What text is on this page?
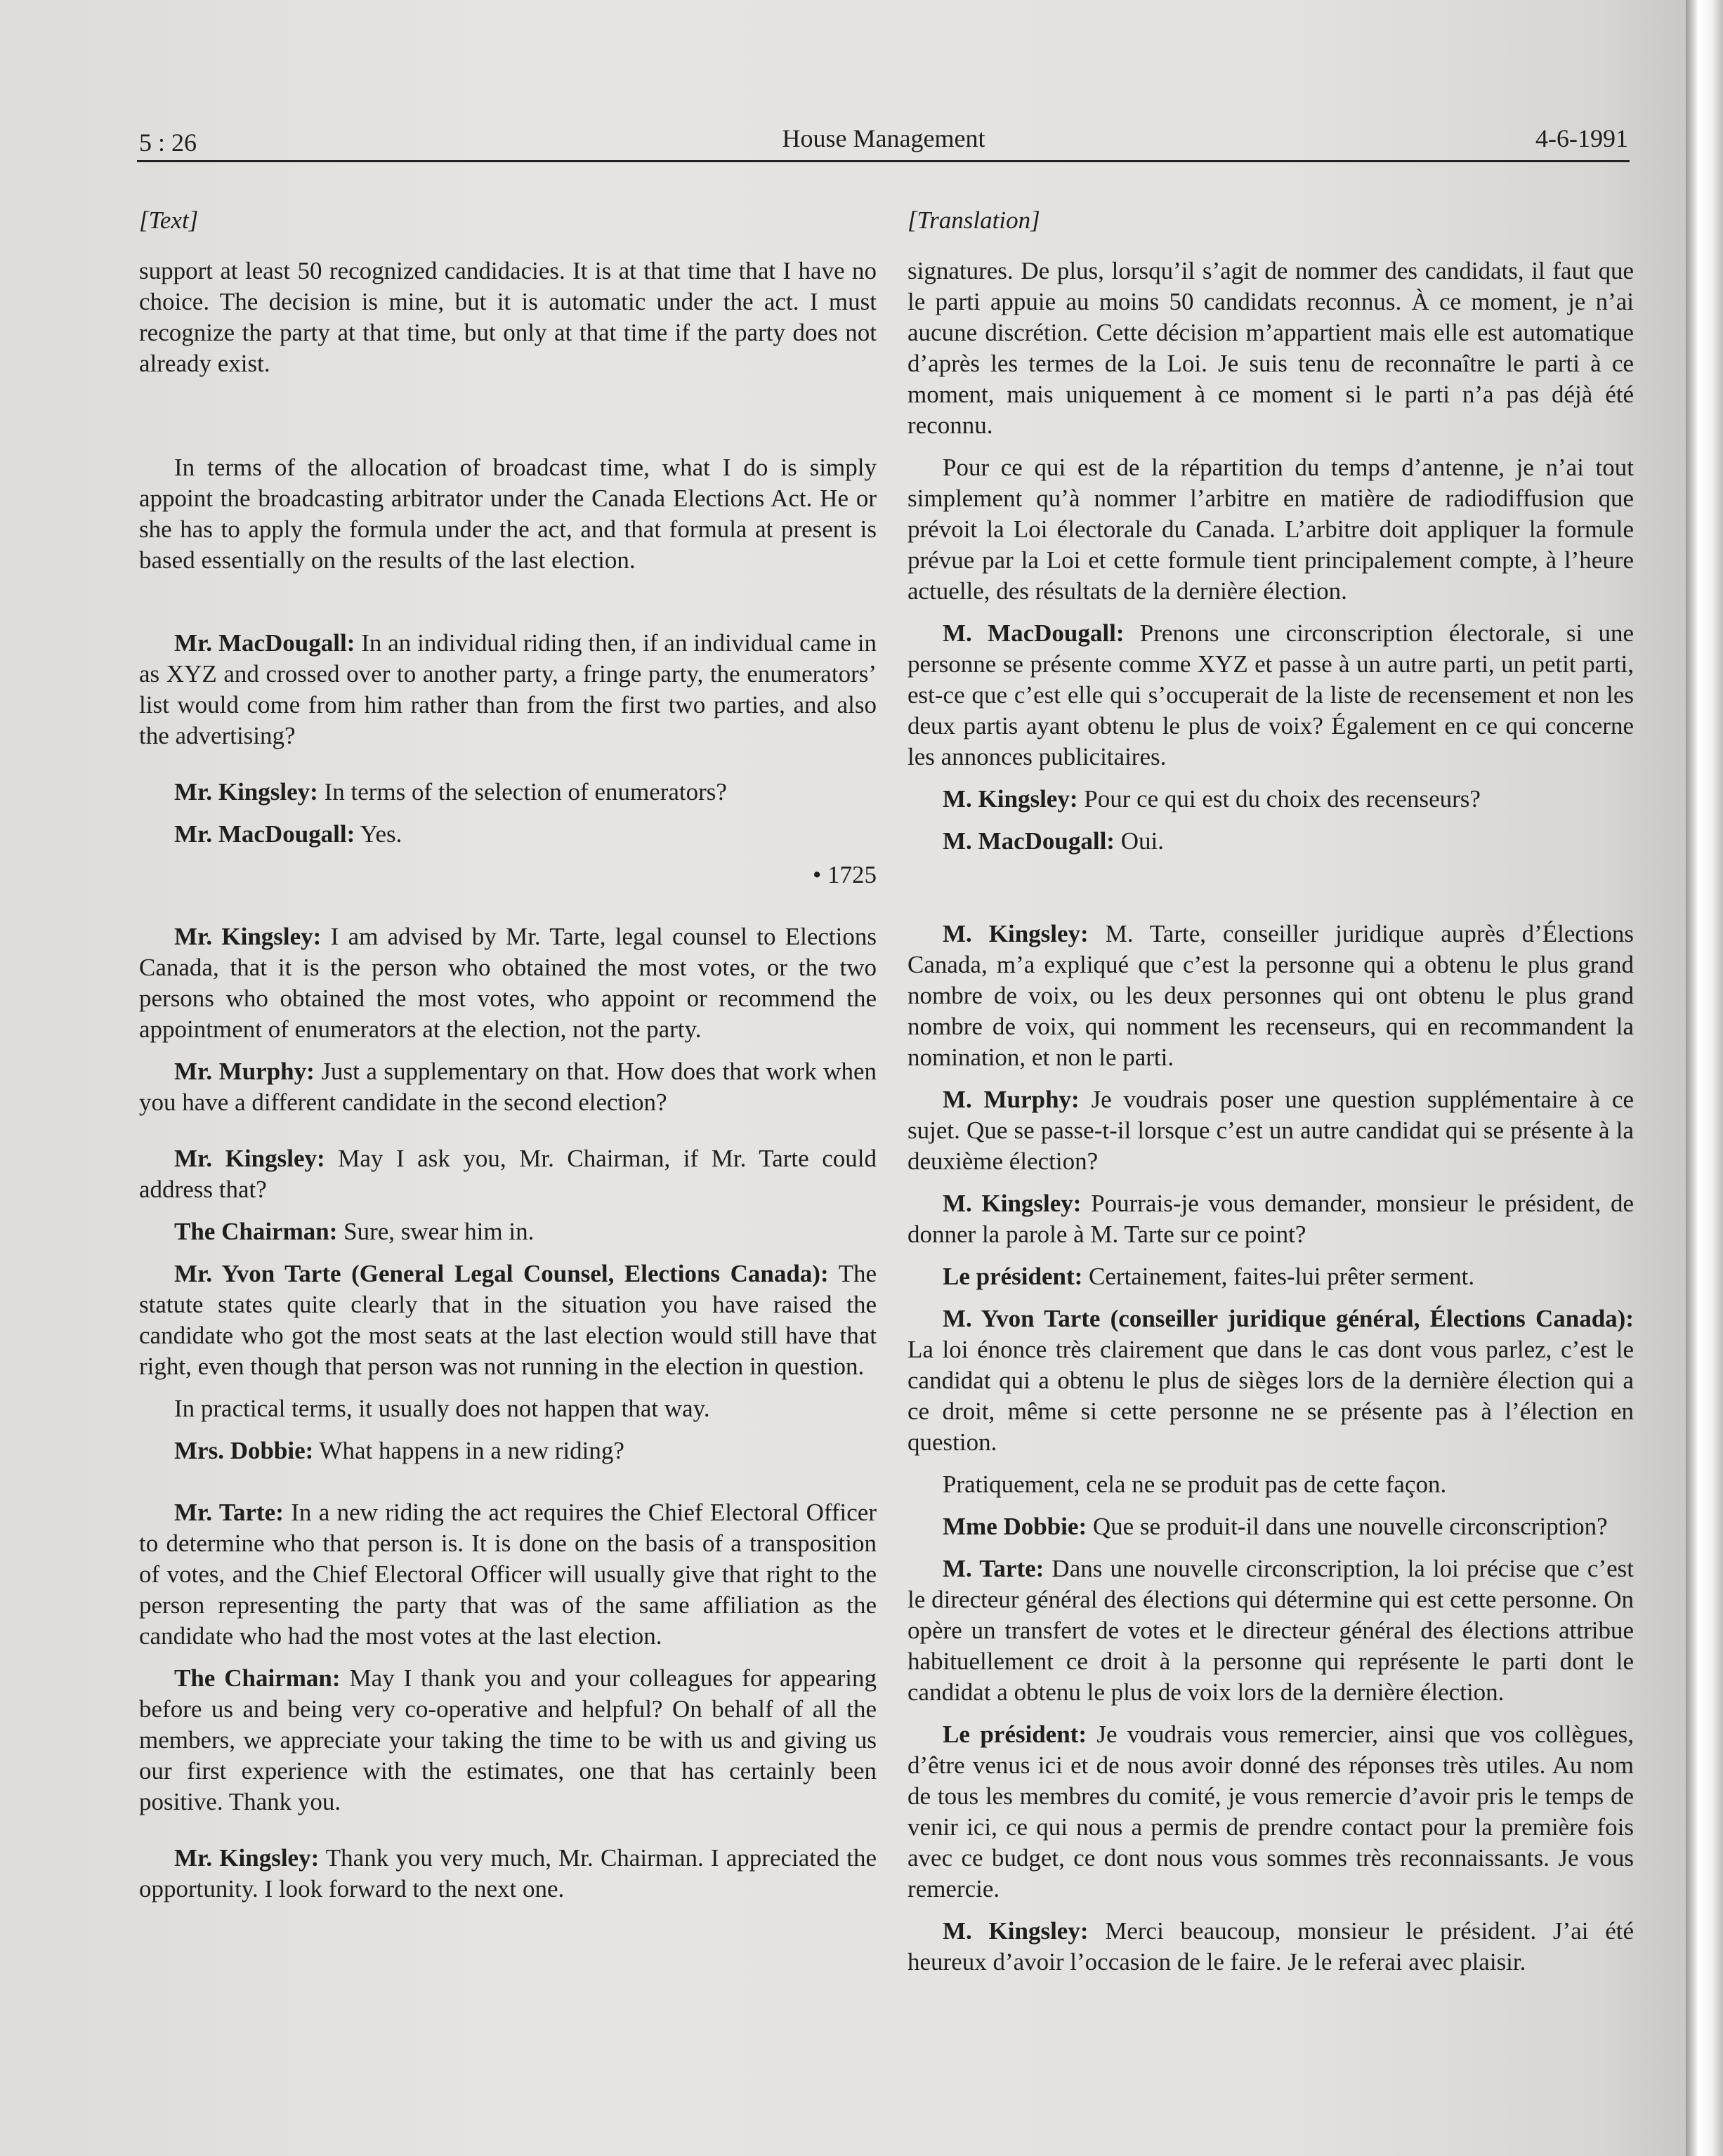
5 : 26	House Management	4-6-1991
[Text]

support at least 50 recognized candidacies. It is at that time that I have no choice. The decision is mine, but it is automatic under the act. I must recognize the party at that time, but only at that time if the party does not already exist.

In terms of the allocation of broadcast time, what I do is simply appoint the broadcasting arbitrator under the Canada Elections Act. He or she has to apply the formula under the act, and that formula at present is based essentially on the results of the last election.

Mr. MacDougall: In an individual riding then, if an individual came in as XYZ and crossed over to another party, a fringe party, the enumerators’ list would come from him rather than from the first two parties, and also the advertising?

Mr. Kingsley: In terms of the selection of enumerators?

Mr. MacDougall: Yes.

• 1725

Mr. Kingsley: I am advised by Mr. Tarte, legal counsel to Elections Canada, that it is the person who obtained the most votes, or the two persons who obtained the most votes, who appoint or recommend the appointment of enumerators at the election, not the party.

Mr. Murphy: Just a supplementary on that. How does that work when you have a different candidate in the second election?

Mr. Kingsley: May I ask you, Mr. Chairman, if Mr. Tarte could address that?

The Chairman: Sure, swear him in.

Mr. Yvon Tarte (General Legal Counsel, Elections Canada): The statute states quite clearly that in the situation you have raised the candidate who got the most seats at the last election would still have that right, even though that person was not running in the election in question.

In practical terms, it usually does not happen that way.

Mrs. Dobbie: What happens in a new riding?

Mr. Tarte: In a new riding the act requires the Chief Electoral Officer to determine who that person is. It is done on the basis of a transposition of votes, and the Chief Electoral Officer will usually give that right to the person representing the party that was of the same affiliation as the candidate who had the most votes at the last election.

The Chairman: May I thank you and your colleagues for appearing before us and being very co-operative and helpful? On behalf of all the members, we appreciate your taking the time to be with us and giving us our first experience with the estimates, one that has certainly been positive. Thank you.

Mr. Kingsley: Thank you very much, Mr. Chairman. I appreciated the opportunity. I look forward to the next one.

[Translation]

signatures. De plus, lorsqu’il s’agit de nommer des candidats, il faut que le parti appuie au moins 50 candidats reconnus. À ce moment, je n’ai aucune discrétion. Cette décision m’appartient mais elle est automatique d’après les termes de la Loi. Je suis tenu de reconnaître le parti à ce moment, mais uniquement à ce moment si le parti n’a pas déjà été reconnu.

Pour ce qui est de la répartition du temps d’antenne, je n’ai tout simplement qu’à nommer l’arbitre en matière de radiodiffusion que prévoit la Loi électorale du Canada. L’arbitre doit appliquer la formule prévue par la Loi et cette formule tient principalement compte, à l’heure actuelle, des résultats de la dernière élection.

M. MacDougall: Prenons une circonscription électorale, si une personne se présente comme XYZ et passe à un autre parti, un petit parti, est-ce que c’est elle qui s’occuperait de la liste de recensement et non les deux partis ayant obtenu le plus de voix? Également en ce qui concerne les annonces publicitaires.

M. Kingsley: Pour ce qui est du choix des recenseurs?

M. MacDougall: Oui.

M. Kingsley: M. Tarte, conseiller juridique auprès d’Élections Canada, m’a expliqué que c’est la personne qui a obtenu le plus grand nombre de voix, ou les deux personnes qui ont obtenu le plus grand nombre de voix, qui nomment les recenseurs, qui en recommandent la nomination, et non le parti.

M. Murphy: Je voudrais poser une question supplémentaire à ce sujet. Que se passe-t-il lorsque c’est un autre candidat qui se présente à la deuxième élection?

M. Kingsley: Pourrais-je vous demander, monsieur le président, de donner la parole à M. Tarte sur ce point?

Le président: Certainement, faites-lui prêter serment.

M. Yvon Tarte (conseiller juridique général, Élections Canada): La loi énonce très clairement que dans le cas dont vous parlez, c’est le candidat qui a obtenu le plus de sièges lors de la dernière élection qui a ce droit, même si cette personne ne se présente pas à l’élection en question.

Pratiquement, cela ne se produit pas de cette façon.

Mme Dobbie: Que se produit-il dans une nouvelle circonscription?

M. Tarte: Dans une nouvelle circonscription, la loi précise que c’est le directeur général des élections qui détermine qui est cette personne. On opère un transfert de votes et le directeur général des élections attribue habituellement ce droit à la personne qui représente le parti dont le candidat a obtenu le plus de voix lors de la dernière élection.

Le président: Je voudrais vous remercier, ainsi que vos collègues, d’être venus ici et de nous avoir donné des réponses très utiles. Au nom de tous les membres du comité, je vous remercie d’avoir pris le temps de venir ici, ce qui nous a permis de prendre contact pour la première fois avec ce budget, ce dont nous vous sommes très reconnaissants. Je vous remercie.

M. Kingsley: Merci beaucoup, monsieur le président. J’ai été heureux d’avoir l’occasion de le faire. Je le referai avec plaisir.
